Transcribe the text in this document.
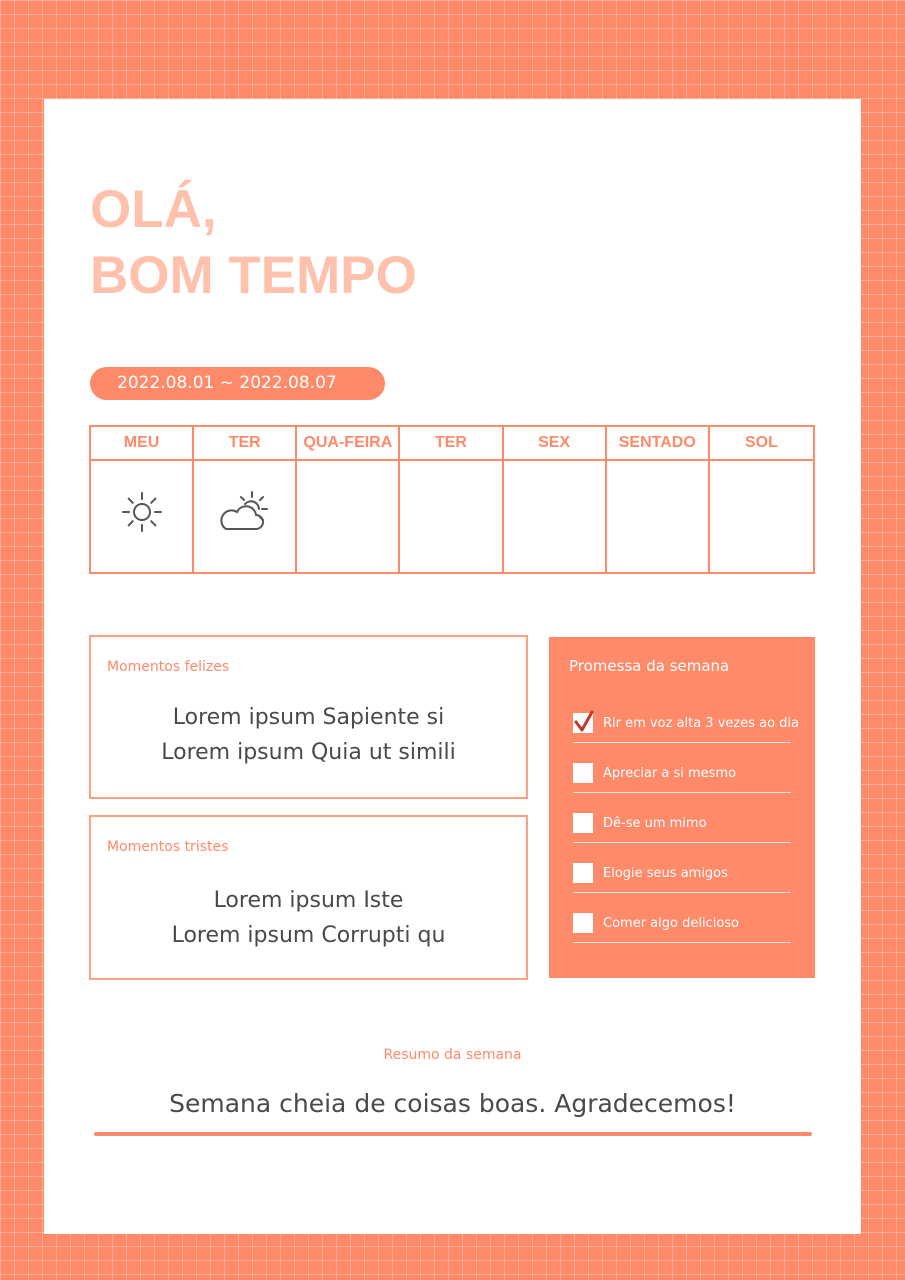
OLÁ,
BOM TEMPO
2022.08.01 ~ 2022.08.07
MEU	TER	QUA-FEIRA	TER	SEX	SENTADO	SOL
Momentos felizes
Lorem ipsum Sapiente si
Lorem ipsum Quia ut simili
Momentos tristes
Lorem ipsum Iste
Lorem ipsum Corrupti qu
Promessa da semana
Rir em voz alta 3 vezes ao dia
Apreciar a si mesmo
Dê-se um mimo
Elogie seus amigos
Comer algo delicioso
Resumo da semana
Semana cheia de coisas boas. Agradecemos!
